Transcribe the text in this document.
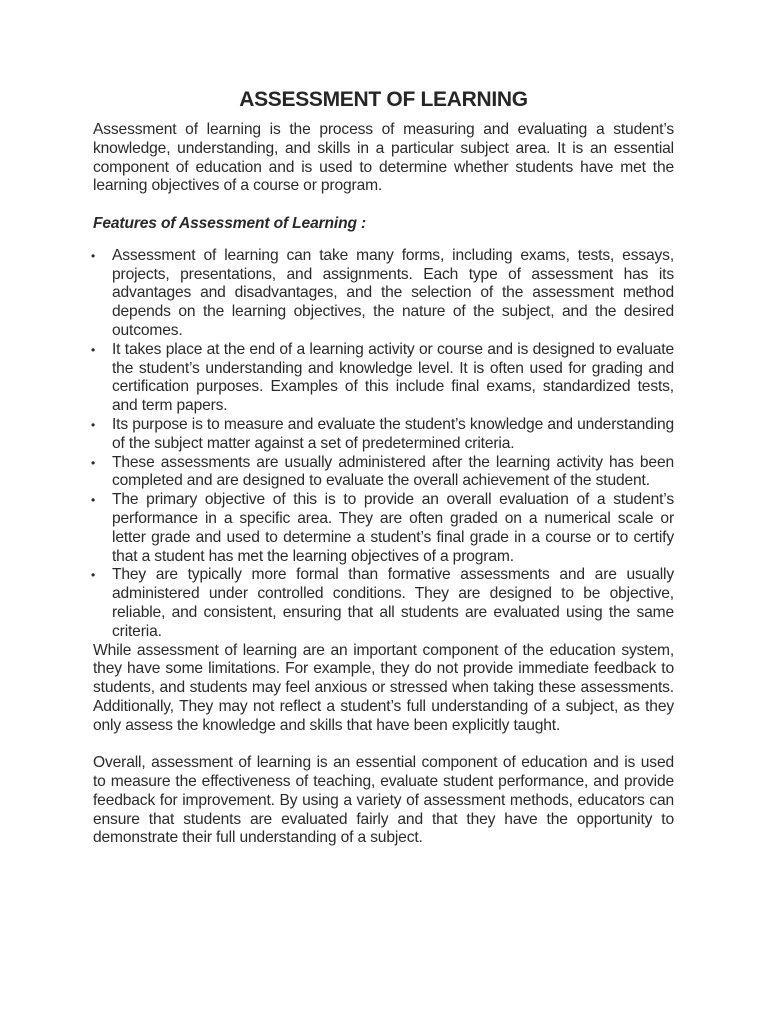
ASSESSMENT OF LEARNING

Assessment of learning is the process of measuring and evaluating a student’s knowledge, understanding, and skills in a particular subject area. It is an essential component of education and is used to determine whether students have met the learning objectives of a course or program.

Features of Assessment of Learning :

• Assessment of learning can take many forms, including exams, tests, essays, projects, presentations, and assignments. Each type of assessment has its advantages and disadvantages, and the selection of the assessment method depends on the learning objectives, the nature of the subject, and the desired outcomes.
• It takes place at the end of a learning activity or course and is designed to evaluate the student’s understanding and knowledge level. It is often used for grading and certification purposes. Examples of this include final exams, standardized tests, and term papers.
• Its purpose is to measure and evaluate the student’s knowledge and understanding of the subject matter against a set of predetermined criteria.
• These assessments are usually administered after the learning activity has been completed and are designed to evaluate the overall achievement of the student.
• The primary objective of this is to provide an overall evaluation of a student’s performance in a specific area. They are often graded on a numerical scale or letter grade and used to determine a student’s final grade in a course or to certify that a student has met the learning objectives of a program.
• They are typically more formal than formative assessments and are usually administered under controlled conditions. They are designed to be objective, reliable, and consistent, ensuring that all students are evaluated using the same criteria.

While assessment of learning are an important component of the education system, they have some limitations. For example, they do not provide immediate feedback to students, and students may feel anxious or stressed when taking these assessments. Additionally, They may not reflect a student’s full understanding of a subject, as they only assess the knowledge and skills that have been explicitly taught.

Overall, assessment of learning is an essential component of education and is used to measure the effectiveness of teaching, evaluate student performance, and provide feedback for improvement. By using a variety of assessment methods, educators can ensure that students are evaluated fairly and that they have the opportunity to demonstrate their full understanding of a subject.
